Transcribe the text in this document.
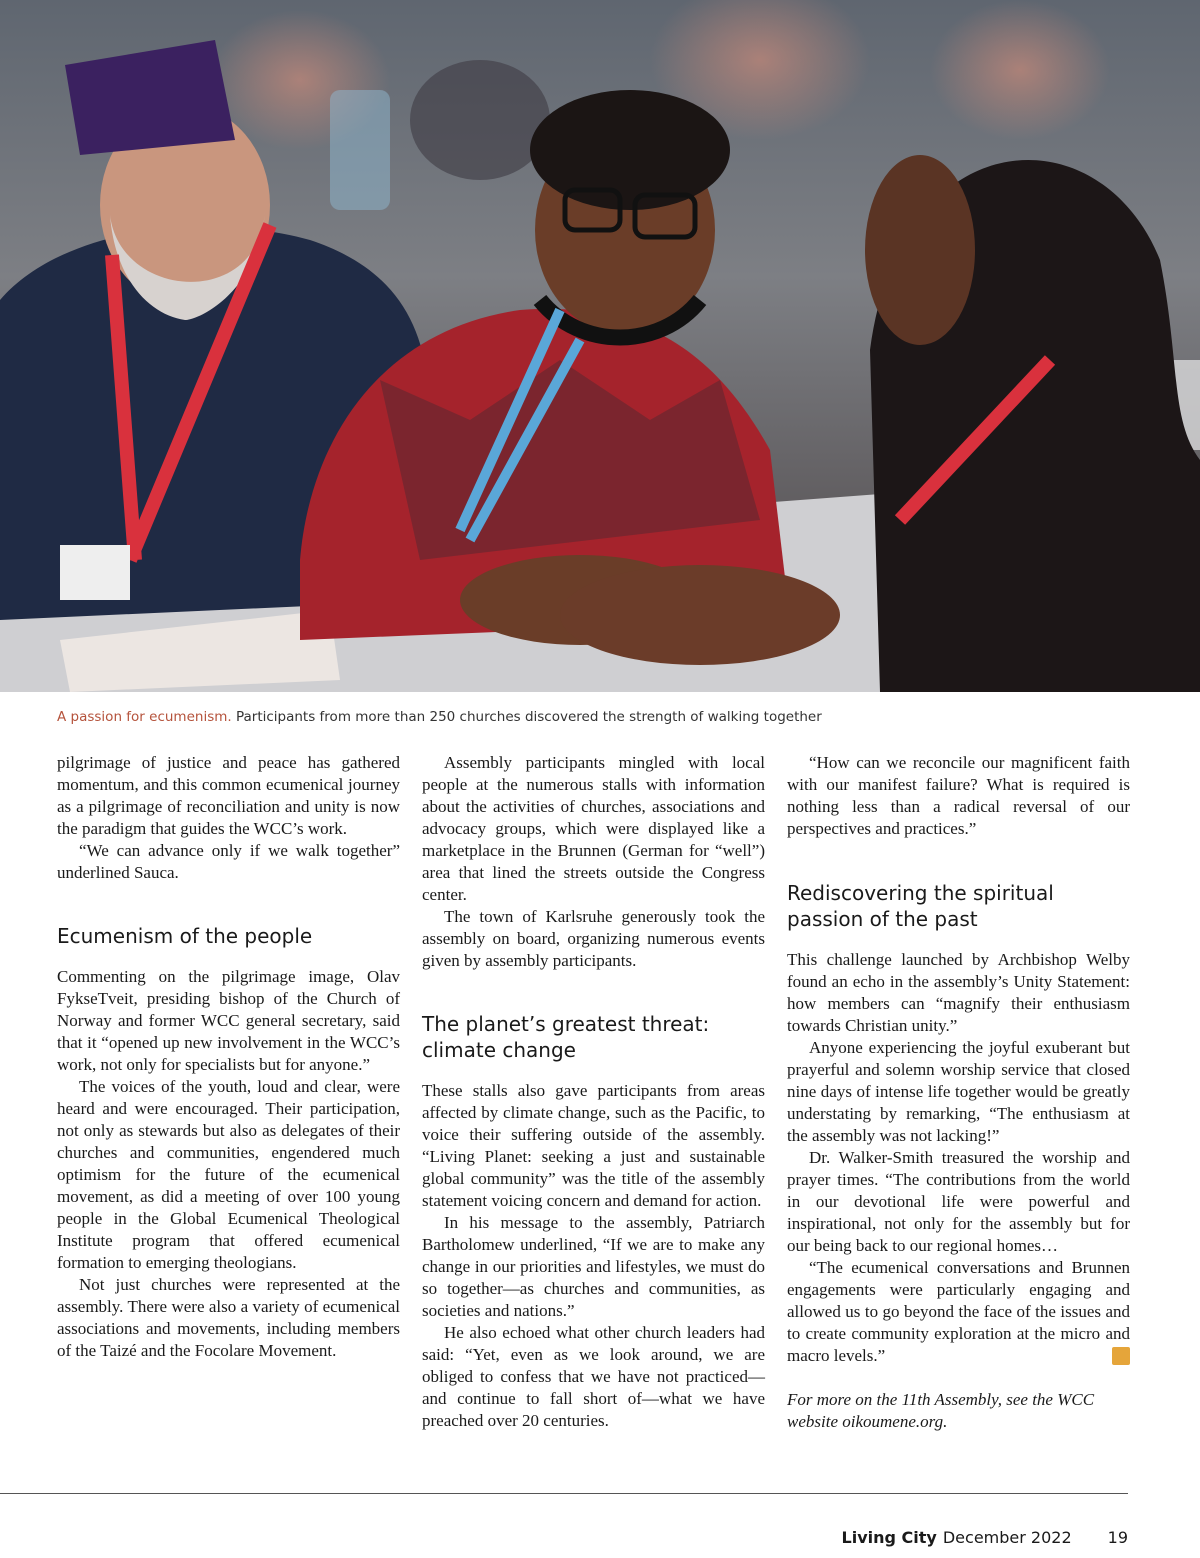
A passion for ecumenism. Participants from more than 250 churches discovered the strength of walking together

pilgrimage of justice and peace has gathered momentum, and this common ecumenical journey as a pilgrimage of reconciliation and unity is now the paradigm that guides the WCC’s work.

“We can advance only if we walk together” underlined Sauca.

Ecumenism of the people

Commenting on the pilgrimage image, Olav FykseTveit, presiding bishop of the Church of Norway and former WCC general secretary, said that it “opened up new involvement in the WCC’s work, not only for specialists but for anyone.”

The voices of the youth, loud and clear, were heard and were encouraged. Their participation, not only as stewards but also as delegates of their churches and communities, engendered much optimism for the future of the ecumenical movement, as did a meeting of over 100 young people in the Global Ecumenical Theological Institute program that offered ecumenical formation to emerging theologians.

Not just churches were represented at the assembly. There were also a variety of ecumenical associations and movements, including members of the Taizé and the Focolare Movement.

Assembly participants mingled with local people at the numerous stalls with information about the activities of churches, associations and advocacy groups, which were displayed like a marketplace in the Brunnen (German for “well”) area that lined the streets outside the Congress center.

The town of Karlsruhe generously took the assembly on board, organizing numerous events given by assembly participants.

The planet’s greatest threat: climate change

These stalls also gave participants from areas affected by climate change, such as the Pacific, to voice their suffering outside of the assembly. “Living Planet: seeking a just and sustainable global community” was the title of the assembly statement voicing concern and demand for action.

In his message to the assembly, Patriarch Bartholomew underlined, “If we are to make any change in our priorities and lifestyles, we must do so together—as churches and communities, as societies and nations.”

He also echoed what other church leaders had said: “Yet, even as we look around, we are obliged to confess that we have not practiced—and continue to fall short of—what we have preached over 20 centuries.

“How can we reconcile our magnificent faith with our manifest failure? What is required is nothing less than a radical reversal of our perspectives and practices.”

Rediscovering the spiritual passion of the past

This challenge launched by Archbishop Welby found an echo in the assembly’s Unity Statement: how members can “magnify their enthusiasm towards Christian unity.”

Anyone experiencing the joyful exuberant but prayerful and solemn worship service that closed nine days of intense life together would be greatly understating by remarking, “The enthusiasm at the assembly was not lacking!”

Dr. Walker-Smith treasured the worship and prayer times. “The contributions from the world in our devotional life were powerful and inspirational, not only for the assembly but for our being back to our regional homes…

“The ecumenical conversations and Brunnen engagements were particularly engaging and allowed us to go beyond the face of the issues and to create community exploration at the micro and macro levels.”	LC

For more on the 11th Assembly, see the WCC website oikoumene.org.

Living City December 2022 19
